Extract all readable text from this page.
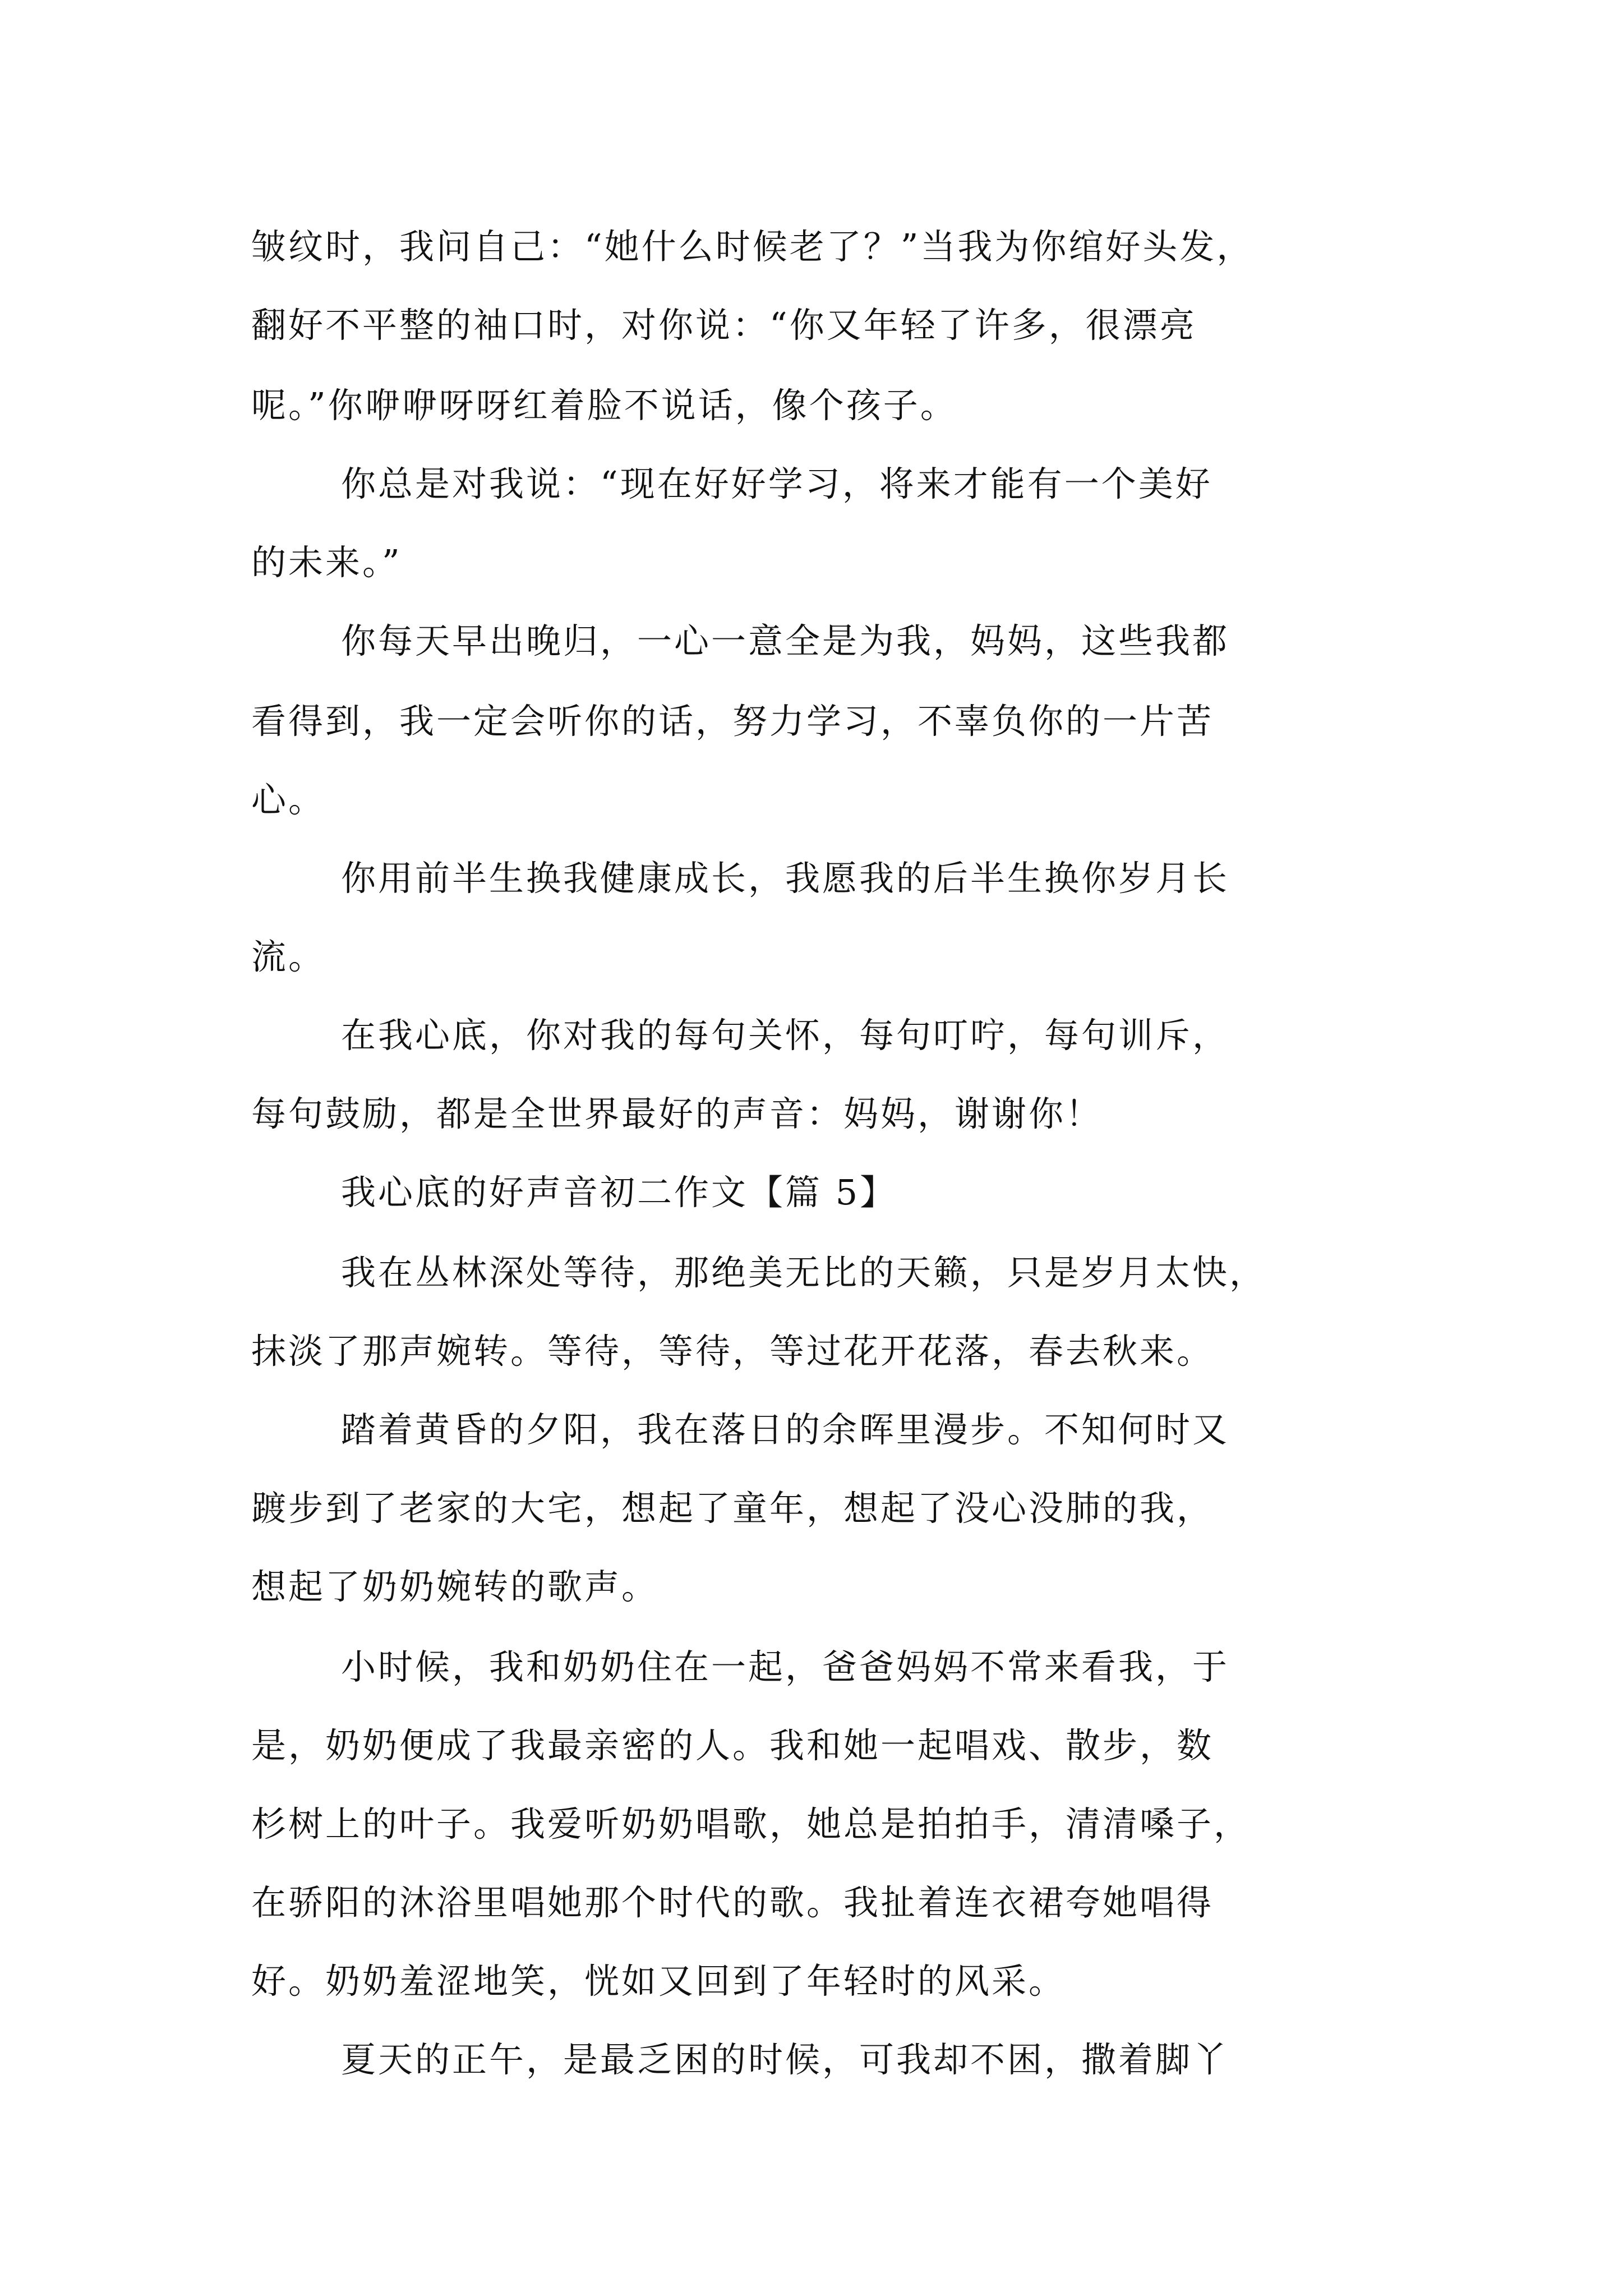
皱纹时，我问自己：“她什么时候老了？”当我为你绾好头发，
翻好不平整的袖口时，对你说：“你又年轻了许多，很漂亮
呢。”你咿咿呀呀红着脸不说话，像个孩子。
你总是对我说：“现在好好学习，将来才能有一个美好
的未来。”
你每天早出晚归，一心一意全是为我，妈妈，这些我都
看得到，我一定会听你的话，努力学习，不辜负你的一片苦
心。
你用前半生换我健康成长，我愿我的后半生换你岁月长
流。
在我心底，你对我的每句关怀，每句叮咛，每句训斥，
每句鼓励，都是全世界最好的声音：妈妈，谢谢你！
我心底的好声音初二作文【篇 5】
我在丛林深处等待，那绝美无比的天籁，只是岁月太快，
抹淡了那声婉转。等待，等待，等过花开花落，春去秋来。
踏着黄昏的夕阳，我在落日的余晖里漫步。不知何时又
踱步到了老家的大宅，想起了童年，想起了没心没肺的我，
想起了奶奶婉转的歌声。
小时候，我和奶奶住在一起，爸爸妈妈不常来看我，于
是，奶奶便成了我最亲密的人。我和她一起唱戏、散步，数
杉树上的叶子。我爱听奶奶唱歌，她总是拍拍手，清清嗓子，
在骄阳的沐浴里唱她那个时代的歌。我扯着连衣裙夸她唱得
好。奶奶羞涩地笑，恍如又回到了年轻时的风采。
夏天的正午，是最乏困的时候，可我却不困，撒着脚丫
